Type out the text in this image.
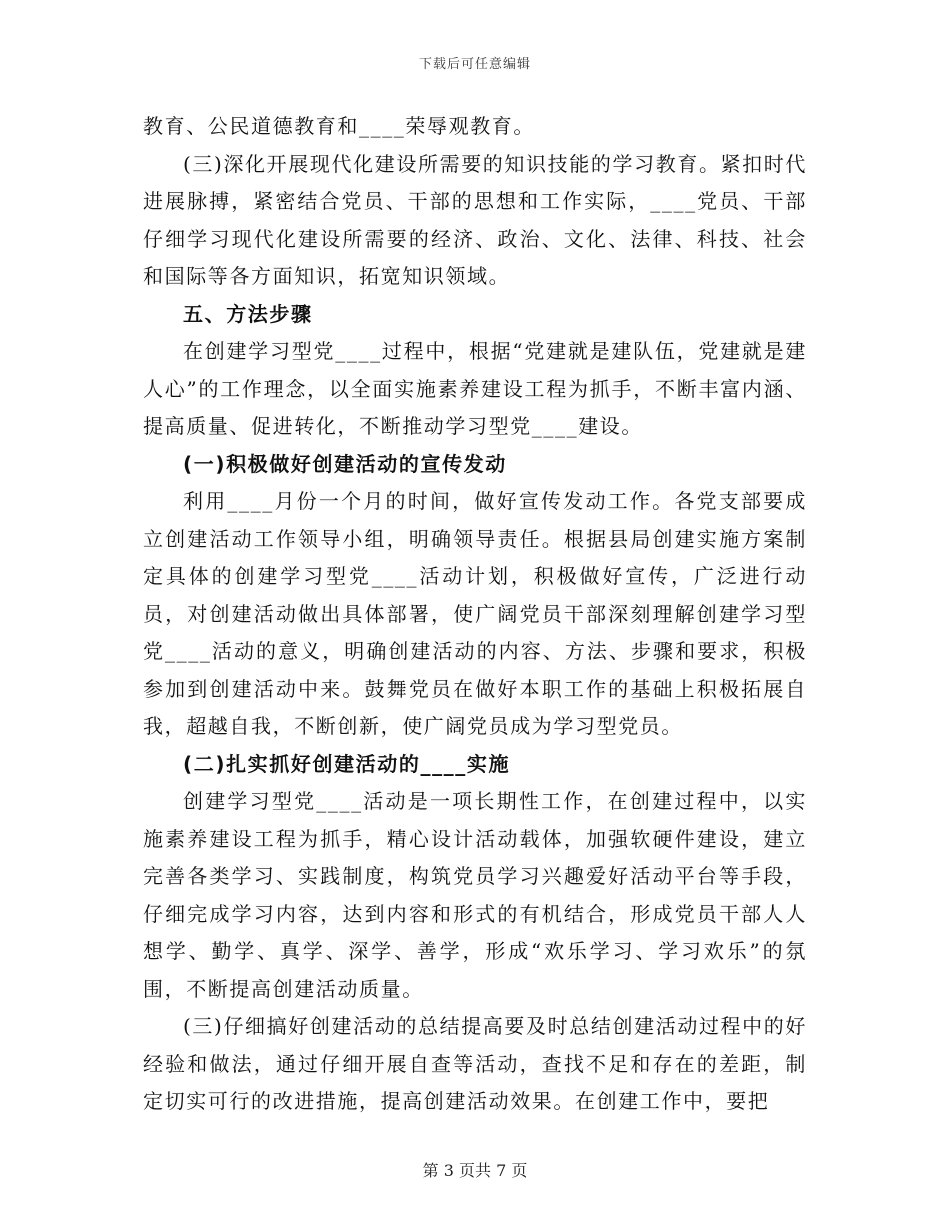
下载后可任意编辑

教育、公民道德教育和____荣辱观教育。

(三)深化开展现代化建设所需要的知识技能的学习教育。紧扣时代进展脉搏，紧密结合党员、干部的思想和工作实际，____党员、干部仔细学习现代化建设所需要的经济、政治、文化、法律、科技、社会和国际等各方面知识，拓宽知识领域。

五、方法步骤

在创建学习型党____过程中，根据“党建就是建队伍，党建就是建人心”的工作理念，以全面实施素养建设工程为抓手，不断丰富内涵、提高质量、促进转化，不断推动学习型党____建设。

(一)积极做好创建活动的宣传发动

利用____月份一个月的时间，做好宣传发动工作。各党支部要成立创建活动工作领导小组，明确领导责任。根据县局创建实施方案制定具体的创建学习型党____活动计划，积极做好宣传，广泛进行动员，对创建活动做出具体部署，使广阔党员干部深刻理解创建学习型党____活动的意义，明确创建活动的内容、方法、步骤和要求，积极参加到创建活动中来。鼓舞党员在做好本职工作的基础上积极拓展自我，超越自我，不断创新，使广阔党员成为学习型党员。

(二)扎实抓好创建活动的____实施

创建学习型党____活动是一项长期性工作，在创建过程中，以实施素养建设工程为抓手，精心设计活动载体，加强软硬件建设，建立完善各类学习、实践制度，构筑党员学习兴趣爱好活动平台等手段，仔细完成学习内容，达到内容和形式的有机结合，形成党员干部人人想学、勤学、真学、深学、善学，形成“欢乐学习、学习欢乐”的氛围，不断提高创建活动质量。

(三)仔细搞好创建活动的总结提高要及时总结创建活动过程中的好经验和做法，通过仔细开展自查等活动，查找不足和存在的差距，制定切实可行的改进措施，提高创建活动效果。在创建工作中，要把

第 3 页共 7 页
